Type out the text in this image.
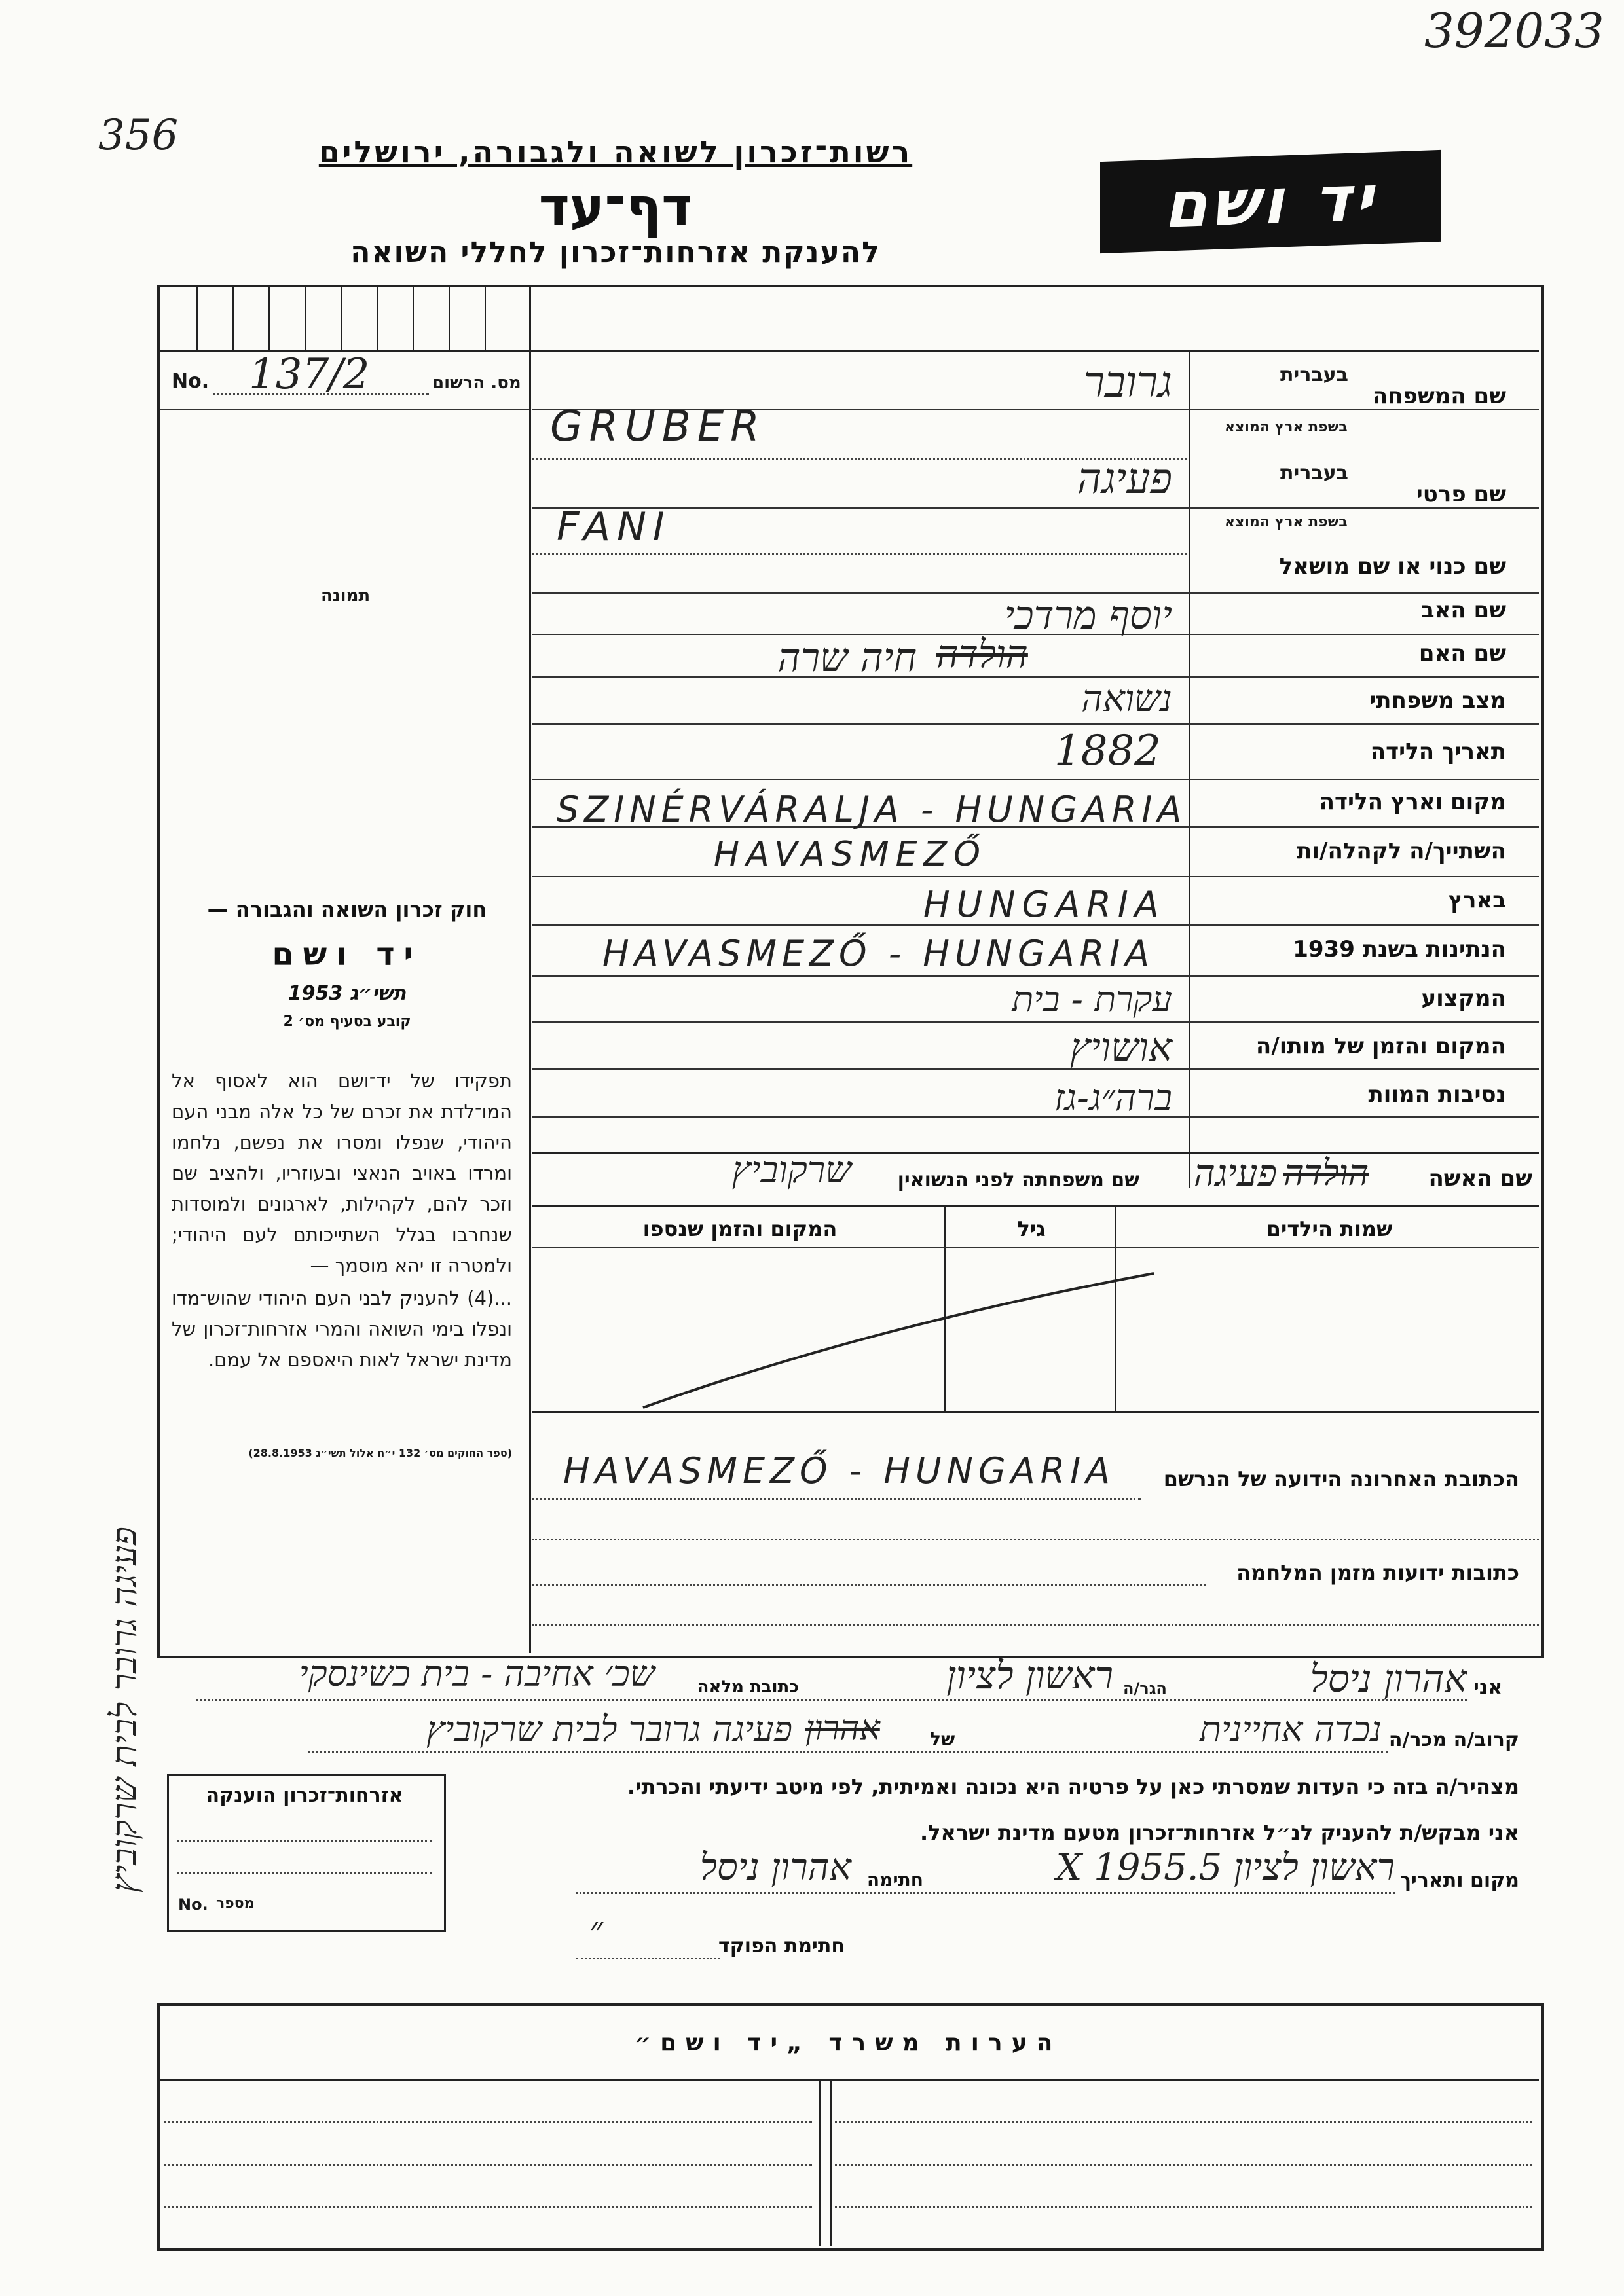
392033
356	רשות־זכרון לשואה ולגבורה, ירושלים
דף־עד
להענקת אזרחות־זכרון לחללי השואה
יד ושם
No. 137/2	מס. הרשום
תמונה
חוק זכרון השואה והגבורה —
יד ושם
תשי״ג 1953
קובע בסעיף מס׳ 2
תפקידו של יד־ושם הוא לאסוף אל המו־לדת את זכרם של כל אלה מבני העם היהודי, שנפלו ומסרו את נפשם, נלחמו ומרדו באויב הנאצי ובעוזריו, ולהציב שם וזכר להם, לקהילות, לארגונים ולמוסדות שנחרבו בגלל השתייכותם לעם היהודי; ולמטרה זו יהא מוסמך —
...(4) להעניק לבני העם היהודי שהוש־מדו ונפלו בימי השואה והמרי אזרחות־זכרון של מדינת ישראל לאות היאספם אל עמם.
(ספר החוקים מס׳ 132 י״ח אלול תשי״ג 28.8.1953)
שם המשפחה
בעברית
בשפת ארץ המוצא
גרובר
GRUBER
שם פרטי
בעברית
בשפת ארץ המוצא
פעיגה
FANI
שם כנוי או שם מושאל
שם האב
יוסף מרדכי
שם האם
הולדה
חיה שרה
מצב משפחתי
נשואה
תאריך הלידה
1882
מקום וארץ הלידה
SZINÉRVÁRALJA - HUNGARIA
השתייך/ה לקהלה/ות
HAVASMEZŐ
בארץ
HUNGARIA
הנתינות בשנת 1939
HAVASMEZŐ - HUNGARIA
המקצוע
עקרת - בית
המקום והזמן של מותו/ה
אושויץ
נסיבות המוות
ברה״ג-גז
שם האשה
הולדה
פעיגה
שם משפחתה לפני הנשואין
שרקוביץ
שמות הילדים
גיל
המקום והזמן שנספו
הכתובת האחרונה הידועה של הנרשם
HAVASMEZŐ - HUNGARIA
כתובות ידועות מזמן המלחמה
אני
אהרון ניסל
הגר/ה
ראשון לציון
כתובת מלאה
שכ׳ אחיבה - בית כשינסקי
קרוב/ה מכר/ה
נכדה אחיינית
של
אהרון
פעיגה גרובר לבית שרקוביץ
מצהיר/ה בזה כי העדות שמסרתי כאן על פרטיה היא נכונה ואמיתית, לפי מיטב ידיעתי והכרתי.
אני מבקש/ת להעניק לנ״ל אזרחות־זכרון מטעם מדינת ישראל.
מקום ותאריך
ראשון לציון 5.X 1955
חתימה
אהרון ניסל
חתימת הפוקד
״
אזרחות־זכרון הוענקה
No. מספר
פעיגה גרובר לבית שרקוביץ
הערות משרד „יד ושם״
